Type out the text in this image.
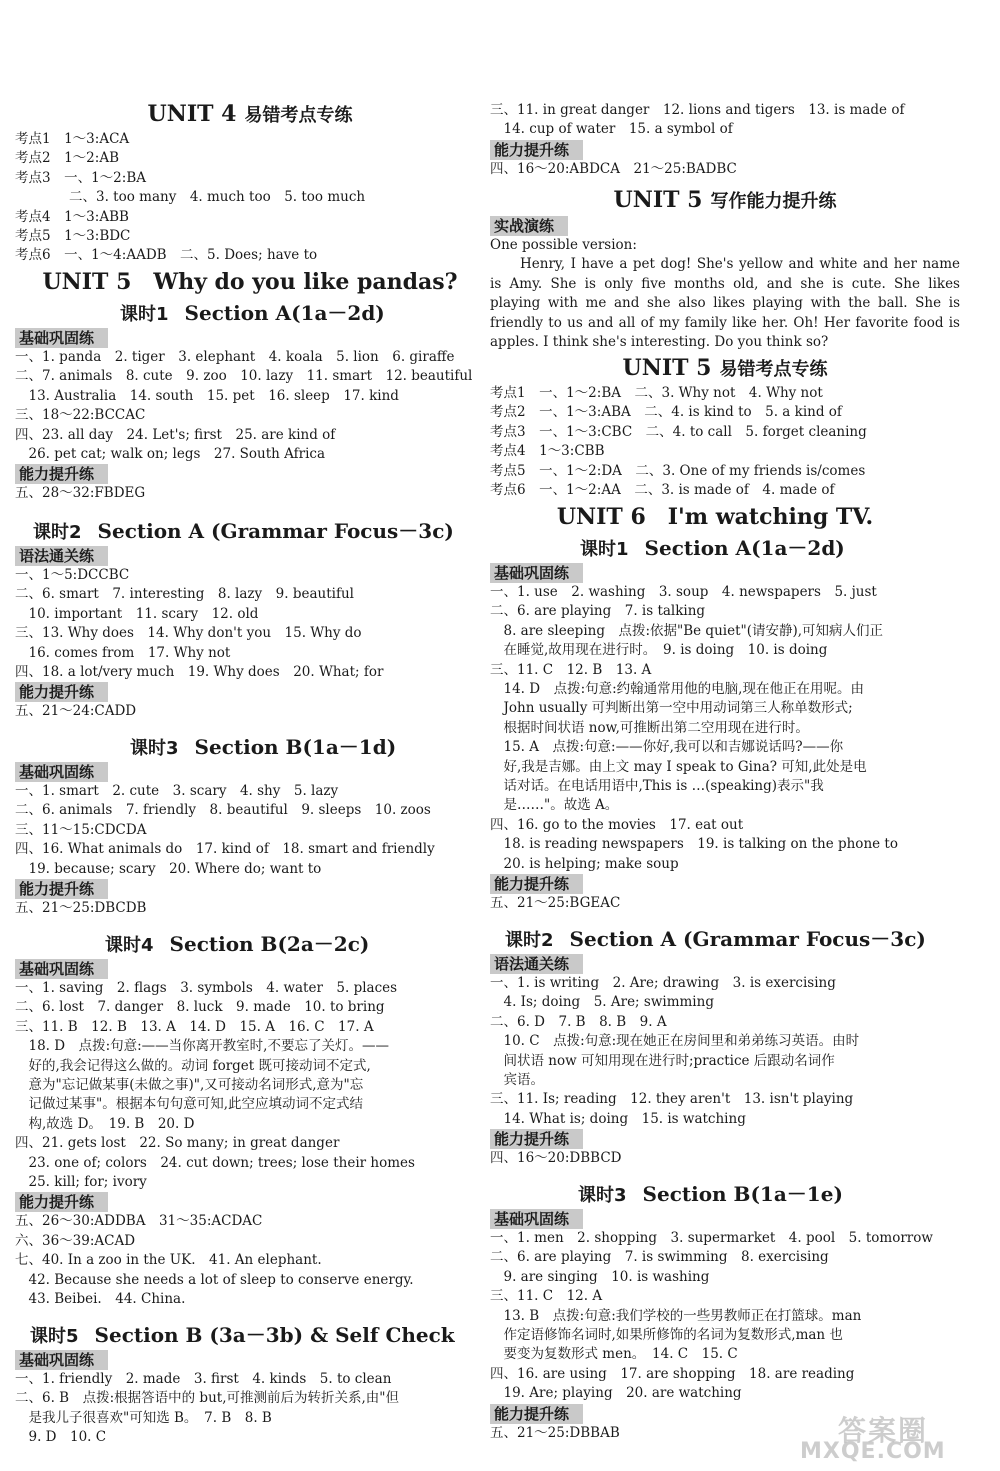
UNIT 4 易错考点专练
考点1　1～3:ACA
考点2　1～2:AB
考点3　一、1～2:BA
　　　　二、3. too many　4. much too　5. too much
考点4　1～3:ABB
考点5　1～3:BDC
考点6　一、1～4:AADB　二、5. Does; have to
UNIT 5　Why do you like pandas?
课时1 Section A(1a－2d)
基础巩固练
一、1. panda　2. tiger　3. elephant　4. koala　5. lion　6. giraffe
二、7. animals　8. cute　9. zoo　10. lazy　11. smart　12. beautiful
　13. Australia　14. south　15. pet　16. sleep　17. kind
三、18～22:BCCAC
四、23. all day　24. Let's; first　25. are kind of
　26. pet cat; walk on; legs　27. South Africa
能力提升练
五、28～32:FBDEG
课时2 Section A (Grammar Focus－3c)
语法通关练
一、1～5:DCCBC
二、6. smart　7. interesting　8. lazy　9. beautiful
　10. important　11. scary　12. old
三、13. Why does　14. Why don't you　15. Why do
　16. comes from　17. Why not
四、18. a lot/very much　19. Why does　20. What; for
能力提升练
五、21～24:CADD
课时3 Section B(1a－1d)
基础巩固练
一、1. smart　2. cute　3. scary　4. shy　5. lazy
二、6. animals　7. friendly　8. beautiful　9. sleeps　10. zoos
三、11～15:CDCDA
四、16. What animals do　17. kind of　18. smart and friendly
　19. because; scary　20. Where do; want to
能力提升练
五、21～25:DBCDB
课时4 Section B(2a－2c)
基础巩固练
一、1. saving　2. flags　3. symbols　4. water　5. places
二、6. lost　7. danger　8. luck　9. made　10. to bring
三、11. B　12. B　13. A　14. D　15. A　16. C　17. A
　18. D　点拨:句意:——当你离开教室时,不要忘了关灯。——
　好的,我会记得这么做的。动词 forget 既可接动词不定式,
　意为"忘记做某事(未做之事)",又可接动名词形式,意为"忘
　记做过某事"。根据本句句意可知,此空应填动词不定式结
　构,故选 D。　19. B　20. D
四、21. gets lost　22. So many; in great danger
　23. one of; colors　24. cut down; trees; lose their homes
　25. kill; for; ivory
能力提升练
五、26～30:ADDBA　31～35:ACDAC
六、36～39:ACAD
七、40. In a zoo in the UK.　41. An elephant.
　42. Because she needs a lot of sleep to conserve energy.
　43. Beibei.　44. China.
课时5 Section B (3a－3b) & Self Check
基础巩固练
一、1. friendly　2. made　3. first　4. kinds　5. to clean
二、6. B　点拨:根据答语中的 but,可推测前后为转折关系,由"但
　是我儿子很喜欢"可知选 B。　7. B　8. B
　9. D　10. C
三、11. in great danger　12. lions and tigers　13. is made of
　14. cup of water　15. a symbol of
能力提升练
四、16～20:ABDCA　21～25:BADBC
UNIT 5 写作能力提升练
实战演练
One possible version:

Henry, I have a pet dog! She's yellow and white and her name is Amy. She is only five months old, and she is cute. She likes playing with me and she also likes playing with the ball. She is friendly to us and all of my family like her. Oh! Her favorite food is apples. I think she's interesting. Do you think so?

UNIT 5 易错考点专练
考点1　一、1～2:BA　二、3. Why not　4. Why not
考点2　一、1～3:ABA　二、4. is kind to　5. a kind of
考点3　一、1～3:CBC　二、4. to call　5. forget cleaning
考点4　1～3:CBB
考点5　一、1～2:DA　二、3. One of my friends is/comes
考点6　一、1～2:AA　二、3. is made of　4. made of
UNIT 6　I'm watching TV.
课时1 Section A(1a－2d)
基础巩固练
一、1. use　2. washing　3. soup　4. newspapers　5. just
二、6. are playing　7. is talking
　8. are sleeping　点拨:依据"Be quiet"(请安静),可知病人们正
　在睡觉,故用现在进行时。　9. is doing　10. is doing
三、11. C　12. B　13. A
　14. D　点拨:句意:约翰通常用他的电脑,现在他正在用呢。由
　John usually 可判断出第一空中用动词第三人称单数形式;
　根据时间状语 now,可推断出第二空用现在进行时。
　15. A　点拨:句意:——你好,我可以和吉娜说话吗?——你
　好,我是吉娜。由上文 may I speak to Gina? 可知,此处是电
　话对话。在电话用语中,This is …(speaking)表示"我
　是……"。故选 A。
四、16. go to the movies　17. eat out
　18. is reading newspapers　19. is talking on the phone to
　20. is helping; make soup
能力提升练
五、21～25:BGEAC
课时2 Section A (Grammar Focus－3c)
语法通关练
一、1. is writing　2. Are; drawing　3. is exercising
　4. Is; doing　5. Are; swimming
二、6. D　7. B　8. B　9. A
　10. C　点拨:句意:现在她正在房间里和弟弟练习英语。由时
　间状语 now 可知用现在进行时;practice 后跟动名词作
　宾语。
三、11. Is; reading　12. they aren't　13. isn't playing
　14. What is; doing　15. is watching
能力提升练
四、16～20:DBBCD
课时3 Section B(1a－1e)
基础巩固练
一、1. men　2. shopping　3. supermarket　4. pool　5. tomorrow
二、6. are playing　7. is swimming　8. exercising
　9. are singing　10. is washing
三、11. C　12. A
　13. B　点拨:句意:我们学校的一些男教师正在打篮球。man
　作定语修饰名词时,如果所修饰的名词为复数形式,man 也
　要变为复数形式 men。　14. C　15. C
四、16. are using　17. are shopping　18. are reading
　19. Are; playing　20. are watching
能力提升练
五、21～25:DBBAB	答案圈
MXQE.COM
